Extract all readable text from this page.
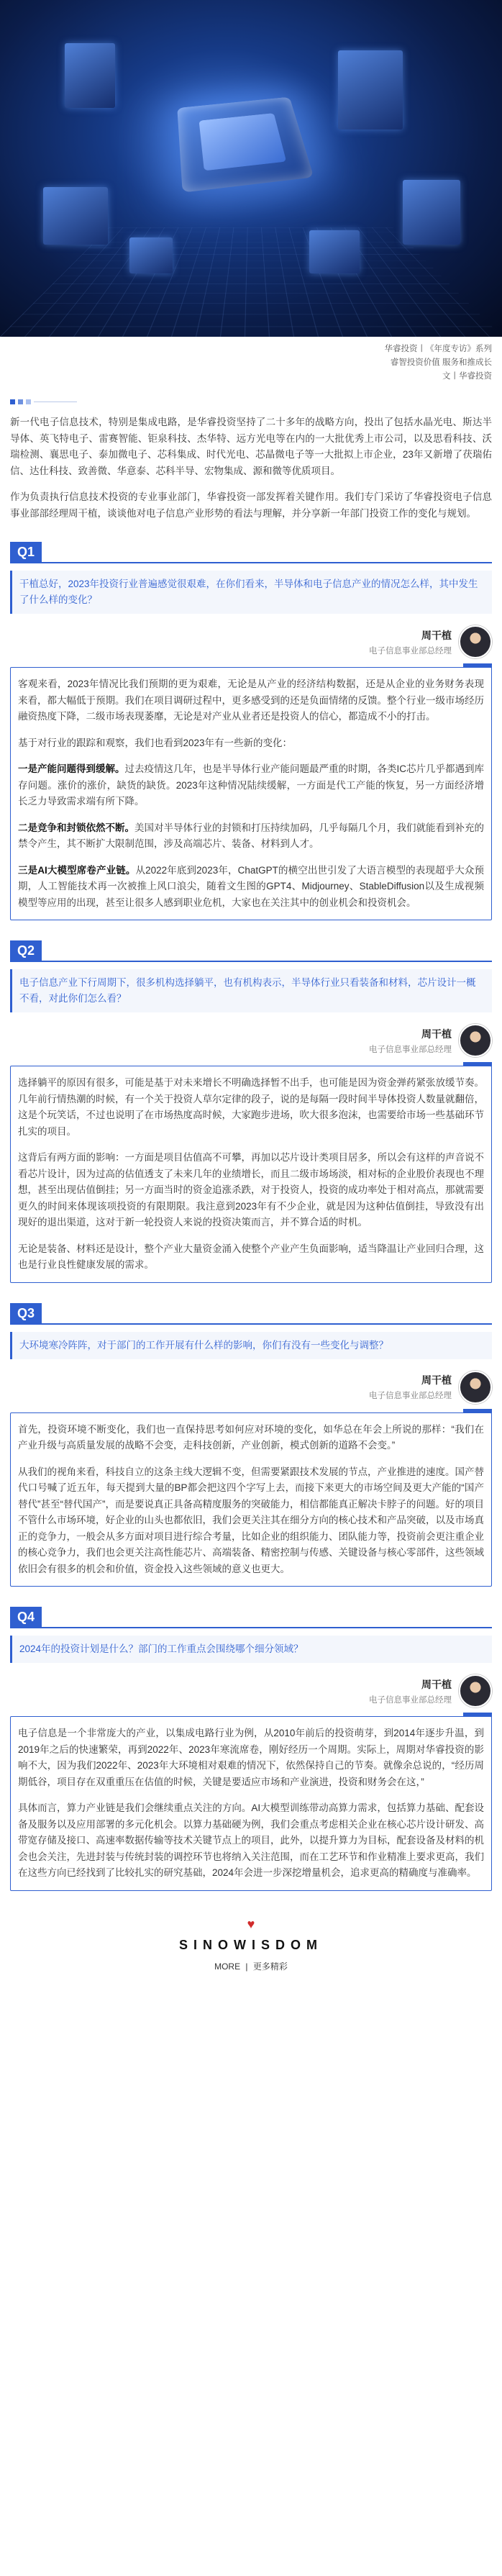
华睿投资丨《年度专访》系列
睿智投资价值 服务和推成长
文丨华睿投资
新一代电子信息技术，特别是集成电路，是华睿投资坚持了二十多年的战略方向，投出了包括水晶光电、斯达半导体、英飞特电子、雷赛智能、钜泉科技、杰华特、远方光电等在内的一大批优秀上市公司，以及思看科技、沃瑞检测、襄思电子、泰加微电子、芯科集成、时代光电、芯晶微电子等一大批拟上市企业，23年又新增了茯瑞佑信、达仕科技、致善微、华意泰、芯科半导、宏物集成、源和微等优质项目。
作为负责执行信息技术投资的专业事业部门，华睿投资一部发挥着关键作用。我们专门采访了华睿投资电子信息事业部部经理周干植，谈谈他对电子信息产业形势的看法与理解，并分享新一年部门投资工作的变化与规划。
Q1
干植总好，2023年投资行业普遍感觉很艰难，在你们看来，半导体和电子信息产业的情况怎么样，其中发生了什么样的变化？
周干植
电子信息事业部总经理

客观来看，2023年情况比我们预期的更为艰难，无论是从产业的经济结构数据，还是从企业的业务财务表现来看，都大幅低于预期。我们在项目调研过程中，更多感受到的还是负面情绪的反馈。整个行业一级市场经历融资热度下降，二级市场表现萎靡，无论是对产业从业者还是投资人的信心，都造成不小的打击。

基于对行业的跟踪和观察，我们也看到2023年有一些新的变化：

一是产能问题得到缓解。过去疫情这几年，也是半导体行业产能问题最严重的时期，各类IC芯片几乎都遇到库存问题。涨价的涨价，缺货的缺货。2023年这种情况陆续缓解，一方面是代工产能的恢复，另一方面经济增长乏力导致需求端有所下降。

二是竞争和封锁依然不断。美国对半导体行业的封锁和打压持续加码，几乎每隔几个月，我们就能看到补充的禁令产生，其不断扩大限制范围，涉及高端芯片、装备、材料到人才。

三是AI大模型席卷产业链。从2022年底到2023年，ChatGPT的横空出世引发了大语言模型的表现超乎大众预期，人工智能技术再一次被推上风口浪尖，随着文生图的GPT4、Midjourney、StableDiffusion以及生成视频模型等应用的出现，甚至让很多人感到职业危机，大家也在关注其中的创业机会和投资机会。

Q2
电子信息产业下行周期下，很多机构选择躺平，也有机构表示，半导体行业只看装备和材料，芯片设计一概不看，对此你们怎么看？
周干植
电子信息事业部总经理

选择躺平的原因有很多，可能是基于对未来增长不明确选择暂不出手，也可能是因为资金弹药紧张放缓节奏。几年前行情热潮的时候，有一个关于投资人草尔定律的段子，说的是每隔一段时间半导体投资人数量就翻倍，这是个玩笑话，不过也说明了在市场热度高时候，大家跑步进场，吹大很多泡沫，也需要给市场一些基础环节扎实的项目。

这背后有两方面的影响：一方面是项目估值高不可攀，再加以芯片设计类项目居多，所以会有这样的声音说不看芯片设计，因为过高的估值透支了未来几年的业绩增长，而且二级市场场淡，相对标的企业股价表现也不理想，甚至出现估值倒挂；另一方面当时的资金追涨杀跌，对于投资人，投资的成功率处于相对高点，那就需要更久的时间来体现该项投资的有限期限。我注意到2023年有不少企业，就是因为这种估值倒挂，导致没有出现好的退出渠道，这对于新一轮投资人来说的投资决策而言，并不算合适的时机。

无论是装备、材料还是设计，整个产业大量资金涌入使整个产业产生负面影响，适当降温让产业回归合理，这也是行业良性健康发展的需求。

Q3
大环境寒冷阵阵，对于部门的工作开展有什么样的影响，你们有没有一些变化与调整？
周干植
电子信息事业部总经理

首先，投资环境不断变化，我们也一直保持思考如何应对环境的变化，如华总在年会上所说的那样：“我们在产业升级与高质量发展的战略不会变，走科技创新，产业创新，模式创新的道路不会变。”

从我们的视角来看，科技自立的这条主线大逻辑不变，但需要紧跟技术发展的节点，产业推进的速度。国产替代口号喊了近五年，每天提到大量的BP都会把这四个字写上去，而接下来更大的市场空间及更大产能的“国产替代”甚至“替代国产”，而是要说真正具备高精度服务的突破能力，相信都能真正解决卡脖子的问题。好的项目不管什么市场环境，好企业的山头也都依旧，我们会更关注其在细分方向的核心技术和产品突破，以及市场真正的竞争力，一般会从多方面对项目进行综合考量，比如企业的组织能力、团队能力等，投资前会更注重企业的核心竞争力，我们也会更关注高性能芯片、高端装备、精密控制与传感、关键设备与核心零部件，这些领域依旧会有很多的机会和价值，资金投入这些领域的意义也更大。

Q4
2024年的投资计划是什么？部门的工作重点会围绕哪个细分领域？
周干植
电子信息事业部总经理

电子信息是一个非常庞大的产业，以集成电路行业为例，从2010年前后的投资萌芽，到2014年逐步升温，到2019年之后的快速繁荣，再到2022年、2023年寒流席卷，刚好经历一个周期。实际上，周期对华睿投资的影响不大，因为我们2022年、2023年大环境相对艰难的情况下，依然保持自己的节奏。就像余总说的，“经历周期低谷，项目存在双重重压在估值的时候，关键是要适应市场和产业演进，投资和财务会在这，”

具体而言，算力产业链是我们会继续重点关注的方向。AI大模型训练带动高算力需求，包括算力基础、配套设备及服务以及应用部署的多元化机会。以算力基础硬为例，我们会重点考虑相关企业在核心芯片设计研发、高带宽存储及接口、高速率数据传输等技术关键节点上的项目，此外，以提升算力为目标，配套设备及材料的机会也会关注，先进封装与传统封装的调控环节也将纳入关注范围，而在工艺环节和作业精准上要求更高，我们在这些方向已经找到了比较扎实的研究基础，2024年会进一步深挖增量机会，追求更高的精确度与准确率。

♥
SINOWISDOM
MORE | 更多精彩
